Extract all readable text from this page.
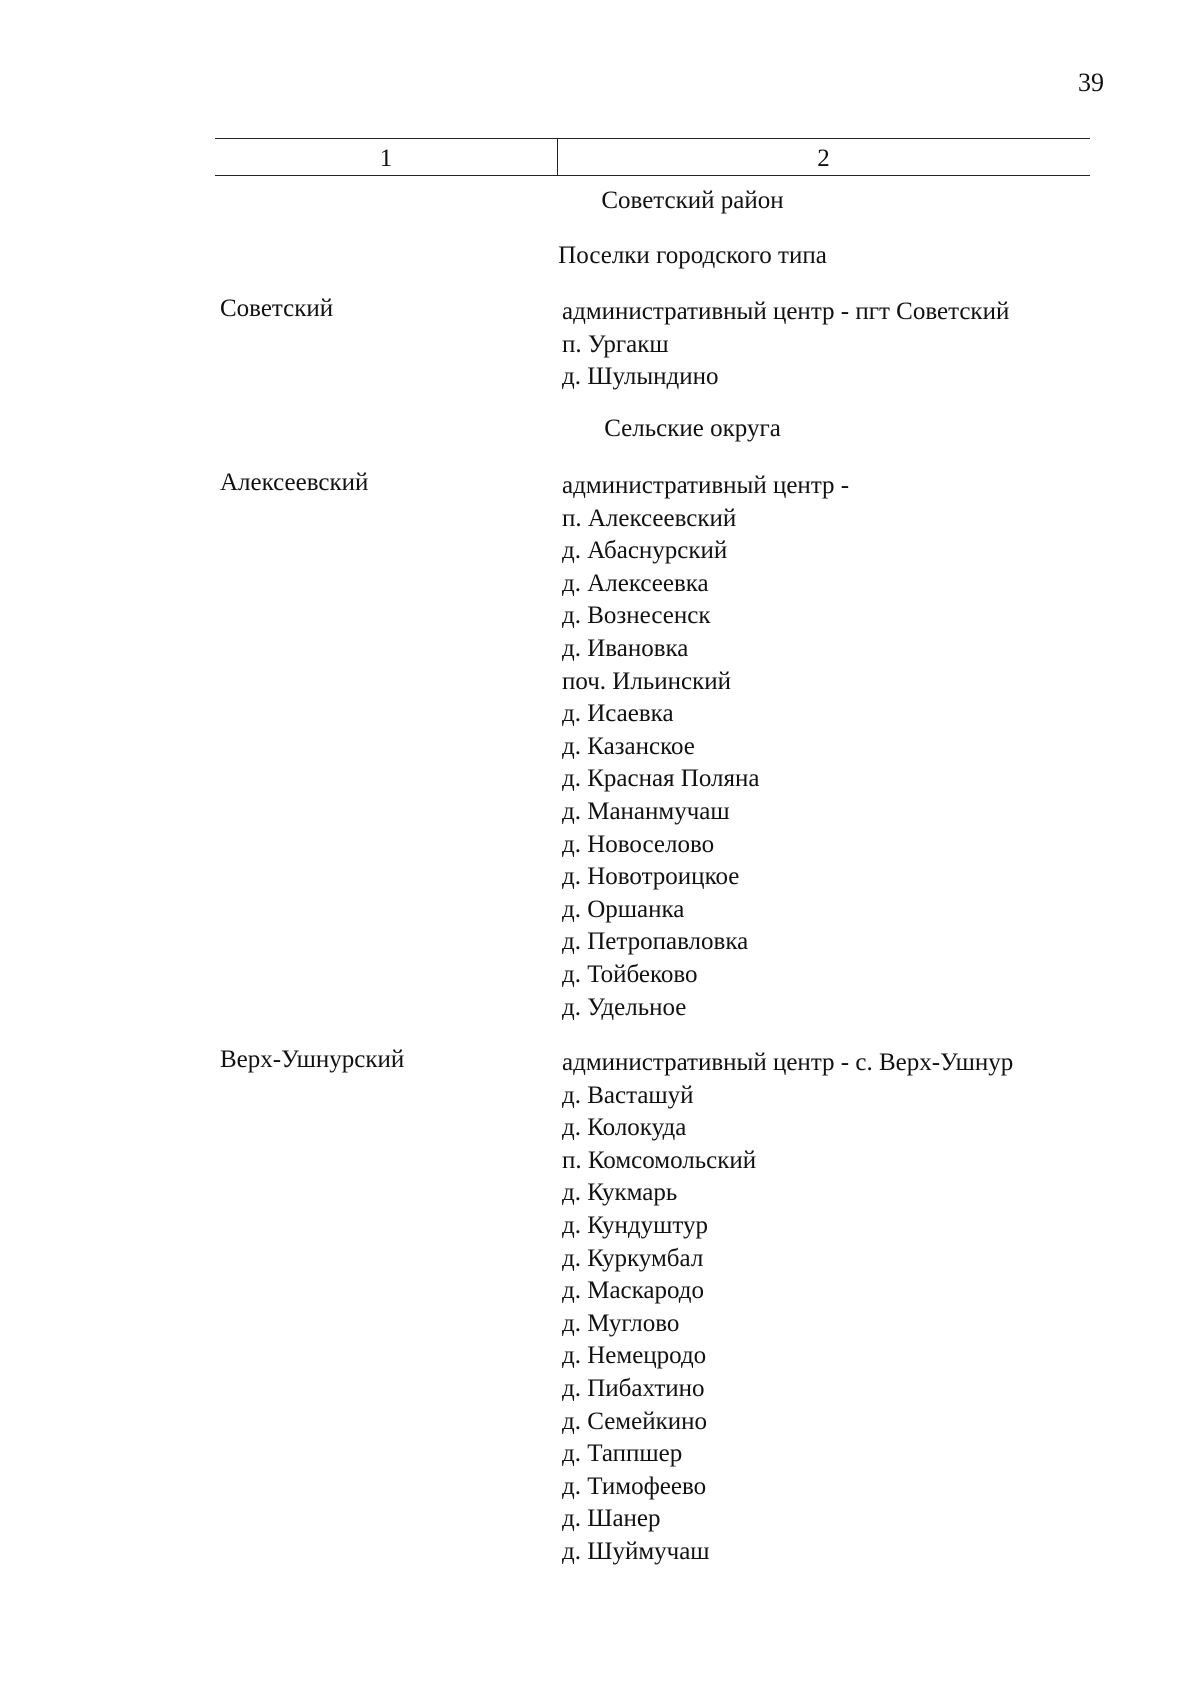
39
1	2
Советский район
Поселки городского типа
Советский	административный центр - пгт Советский
п. Ургакш
д. Шулындино
Сельские округа
Алексеевский	административный центр -
п. Алексеевский
д. Абаснурский
д. Алексеевка
д. Вознесенск
д. Ивановка
поч. Ильинский
д. Исаевка
д. Казанское
д. Красная Поляна
д. Мананмучаш
д. Новоселово
д. Новотроицкое
д. Оршанка
д. Петропавловка
д. Тойбеково
д. Удельное
Верх-Ушнурский	административный центр - с. Верх-Ушнур
д. Васташуй
д. Колокуда
п. Комсомольский
д. Кукмарь
д. Кундуштур
д. Куркумбал
д. Маскародо
д. Муглово
д. Немецродо
д. Пибахтино
д. Семейкино
д. Таппшер
д. Тимофеево
д. Шанер
д. Шуймучаш
